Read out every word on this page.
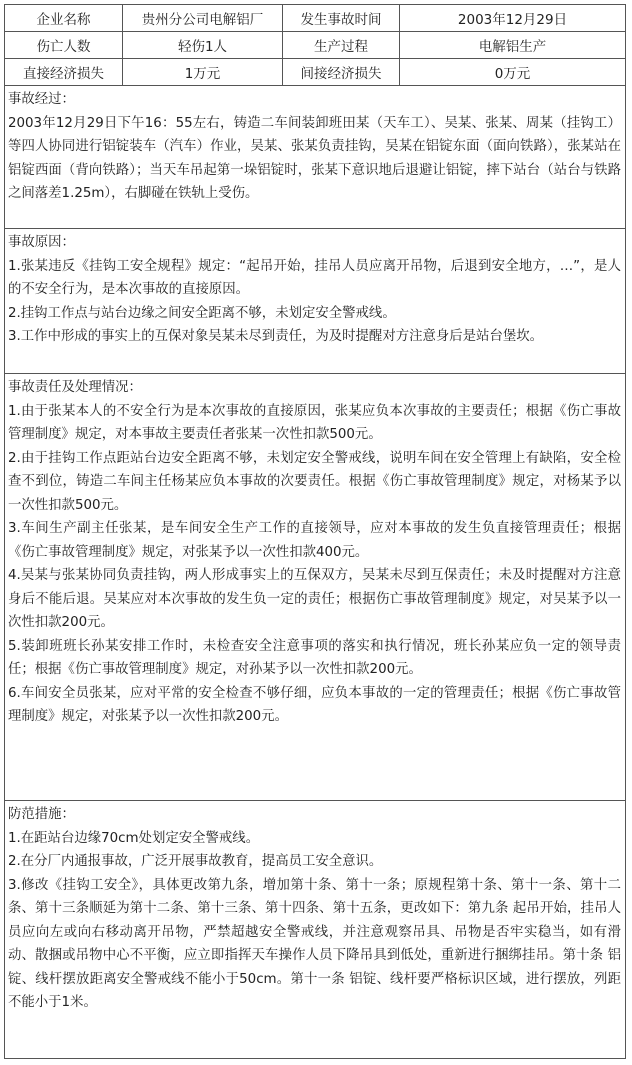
企业名称	贵州分公司电解铝厂	发生事故时间	2003年12月29日
伤亡人数	轻伤1人	生产过程	电解铝生产
直接经济损失	1万元	间接经济损失	0万元

事故经过：

2003年12月29日下午16：55左右，铸造二车间装卸班田某（天车工）、吴某、张某、周某（挂钩工）等四人协同进行铝锭装车（汽车）作业，吴某、张某负责挂钩，吴某在铝锭东面（面向铁路），张某站在铝锭西面（背向铁路）；当天车吊起第一垛铝锭时，张某下意识地后退避让铝锭，摔下站台（站台与铁路之间落差1.25m），右脚碰在铁轨上受伤。

事故原因：

1.张某违反《挂钩工安全规程》规定：“起吊开始，挂吊人员应离开吊物，后退到安全地方，…”，是人的不安全行为，是本次事故的直接原因。

2.挂钩工作点与站台边缘之间安全距离不够，未划定安全警戒线。

3.工作中形成的事实上的互保对象吴某未尽到责任，为及时提醒对方注意身后是站台堡坎。

事故责任及处理情况：

1.由于张某本人的不安全行为是本次事故的直接原因，张某应负本次事故的主要责任；根据《伤亡事故管理制度》规定，对本事故主要责任者张某一次性扣款500元。

2.由于挂钩工作点距站台边安全距离不够，未划定安全警戒线，说明车间在安全管理上有缺陷，安全检查不到位，铸造二车间主任杨某应负本事故的次要责任。根据《伤亡事故管理制度》规定，对杨某予以一次性扣款500元。

3.车间生产副主任张某，是车间安全生产工作的直接领导，应对本事故的发生负直接管理责任；根据《伤亡事故管理制度》规定，对张某予以一次性扣款400元。

4.吴某与张某协同负责挂钩，两人形成事实上的互保双方，吴某未尽到互保责任；未及时提醒对方注意身后不能后退。吴某应对本次事故的发生负一定的责任；根据伤亡事故管理制度》规定，对吴某予以一次性扣款200元。

5.装卸班班长孙某安排工作时，未检查安全注意事项的落实和执行情况，班长孙某应负一定的领导责任；根据《伤亡事故管理制度》规定，对孙某予以一次性扣款200元。

6.车间安全员张某，应对平常的安全检查不够仔细，应负本事故的一定的管理责任；根据《伤亡事故管理制度》规定，对张某予以一次性扣款200元。

防范措施：

1.在距站台边缘70cm处划定安全警戒线。

2.在分厂内通报事故，广泛开展事故教育，提高员工安全意识。

3.修改《挂钩工安全》，具体更改第九条，增加第十条、第十一条；原规程第十条、第十一条、第十二条、第十三条顺延为第十二条、第十三条、第十四条、第十五条，更改如下：第九条 起吊开始，挂吊人员应向左或向右移动离开吊物，严禁超越安全警戒线，并注意观察吊具、吊物是否牢实稳当，如有滑动、散捆或吊物中心不平衡，应立即指挥天车操作人员下降吊具到低处，重新进行捆绑挂吊。第十条 铝锭、线杆摆放距离安全警戒线不能小于50cm。第十一条 铝锭、线杆要严格标识区域，进行摆放，列距不能小于1米。
